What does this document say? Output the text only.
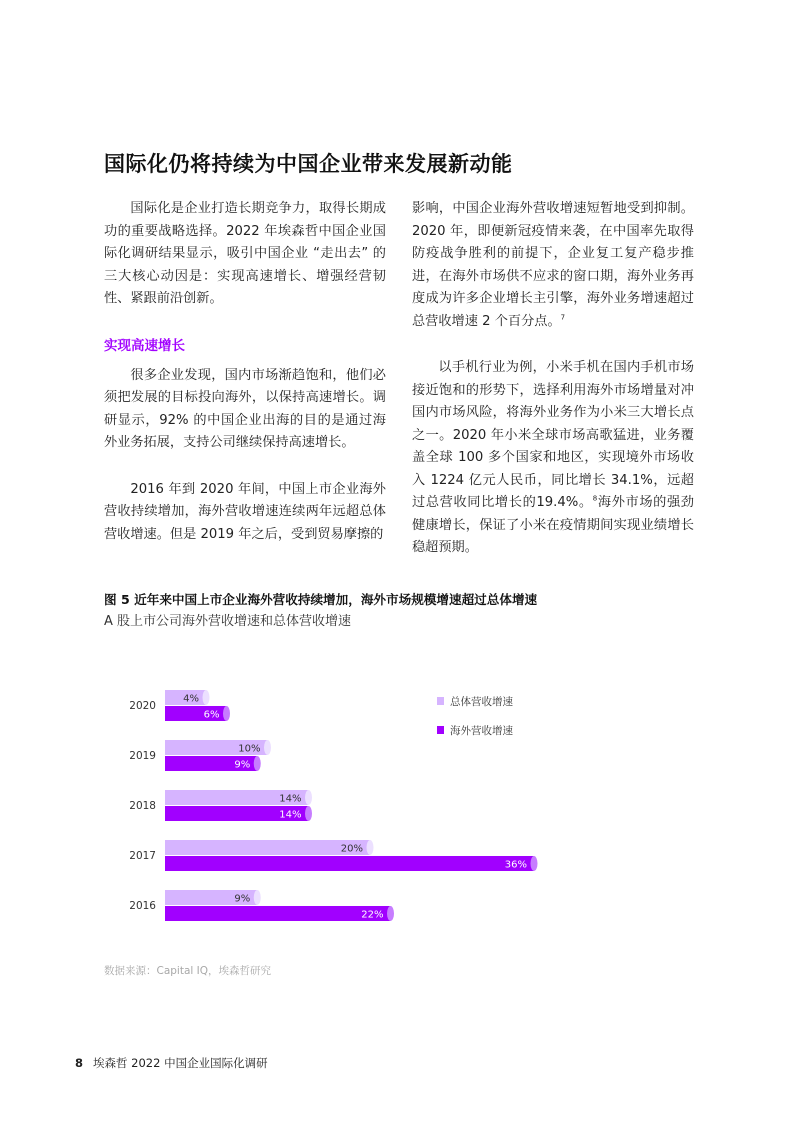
国际化仍将持续为中国企业带来发展新动能

国际化是企业打造长期竞争力，取得长期成功的重要战略选择。2022 年埃森哲中国企业国际化调研结果显示，吸引中国企业 “走出去” 的三大核心动因是：实现高速增长、增强经营韧性、紧跟前沿创新。

实现高速增长

很多企业发现，国内市场渐趋饱和，他们必须把发展的目标投向海外，以保持高速增长。调研显示，92% 的中国企业出海的目的是通过海外业务拓展，支持公司继续保持高速增长。

2016 年到 2020 年间，中国上市企业海外营收持续增加，海外营收增速连续两年远超总体营收增速。但是 2019 年之后，受到贸易摩擦的

影响，中国企业海外营收增速短暂地受到抑制。2020 年，即便新冠疫情来袭，在中国率先取得防疫战争胜利的前提下，企业复工复产稳步推进，在海外市场供不应求的窗口期，海外业务再度成为许多企业增长主引擎，海外业务增速超过总营收增速 2 个百分点。$^7$

以手机行业为例，小米手机在国内手机市场接近饱和的形势下，选择利用海外市场增量对冲国内市场风险，将海外业务作为小米三大增长点之一。2020 年小米全球市场高歌猛进，业务覆盖全球 100 多个国家和地区，实现境外市场收入 1224 亿元人民币，同比增长 34.1%，远超过总营收同比增长的19.4%。$^8$海外市场的强劲健康增长，保证了小米在疫情期间实现业绩增长稳超预期。

图 5 近年来中国上市企业海外营收持续增加，海外市场规模增速超过总体增速

A 股上市公司海外营收增速和总体营收增速

2020
4%
6%
2019
10%
9%
2018
14%
14%
2017
20%
36%
2016
9%
22%
总体营收增速
海外营收增速

数据来源：Capital IQ，埃森哲研究

8 埃森哲 2022 中国企业国际化调研
